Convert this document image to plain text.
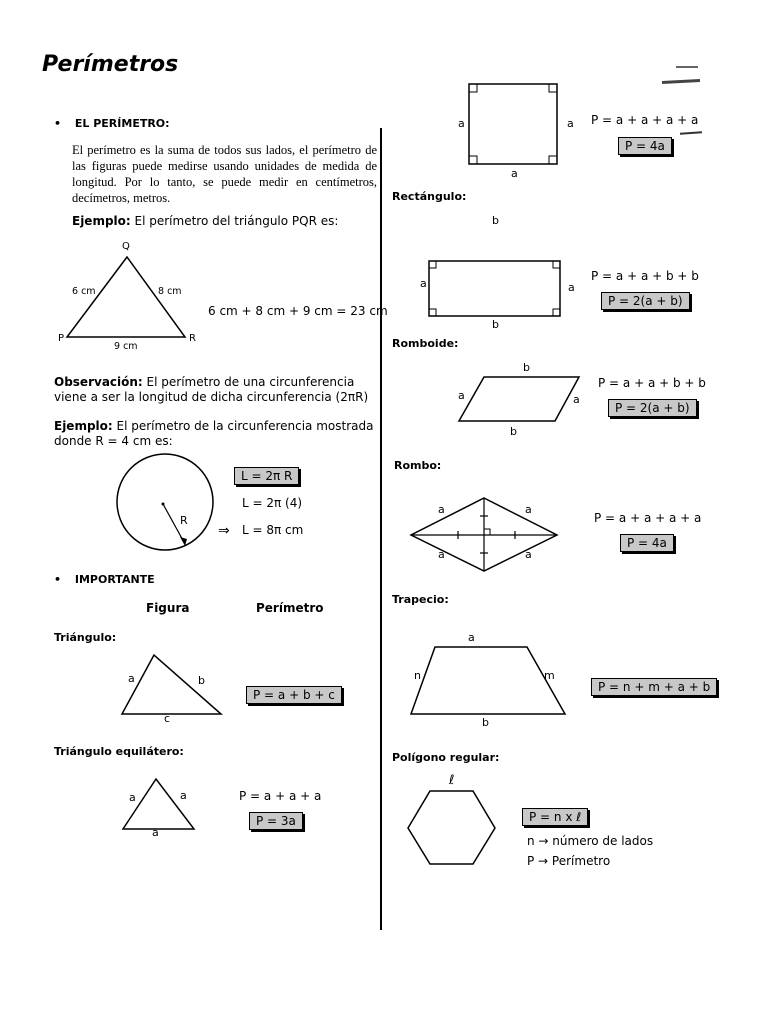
Perímetros
• EL PERÍMETRO:
El perímetro es la suma de todos sus lados, el perímetro de las figuras puede medirse usando unidades de medida de longitud. Por lo tanto, se puede medir en centímetros, decímetros, metros.
Ejemplo: El perímetro del triángulo PQR es:
Q
P	R
6 cm	8 cm
9 cm
6 cm + 8 cm + 9 cm = 23 cm
Observación: El perímetro de una circunferencia viene a ser la longitud de dicha circunferencia (2πR)
Ejemplo: El perímetro de la circunferencia mostrada donde R = 4 cm es:
R
L = 2π R
L = 2π (4)
⇒ L = 8π cm
• IMPORTANTE
Figura	Perímetro
Triángulo:
a	b
c
P = a + b + c
Triángulo equilátero:
a	a
a
P = a + a + a
P = 3a
a	a
a
P = a + a + a + a
P = 4a
Rectángulo:
b
a	a
b
P = a + a + b + b
P = 2(a + b)
Romboide:
b
a	a
b
P = a + a + b + b
P = 2(a + b)
Rombo:
a	a
a	a
P = a + a + a + a
P = 4a
Trapecio:
a
n	m
b
P = n + m + a + b
Polígono regular:
ℓ
P = n x ℓ
n → número de lados
P → Perímetro
